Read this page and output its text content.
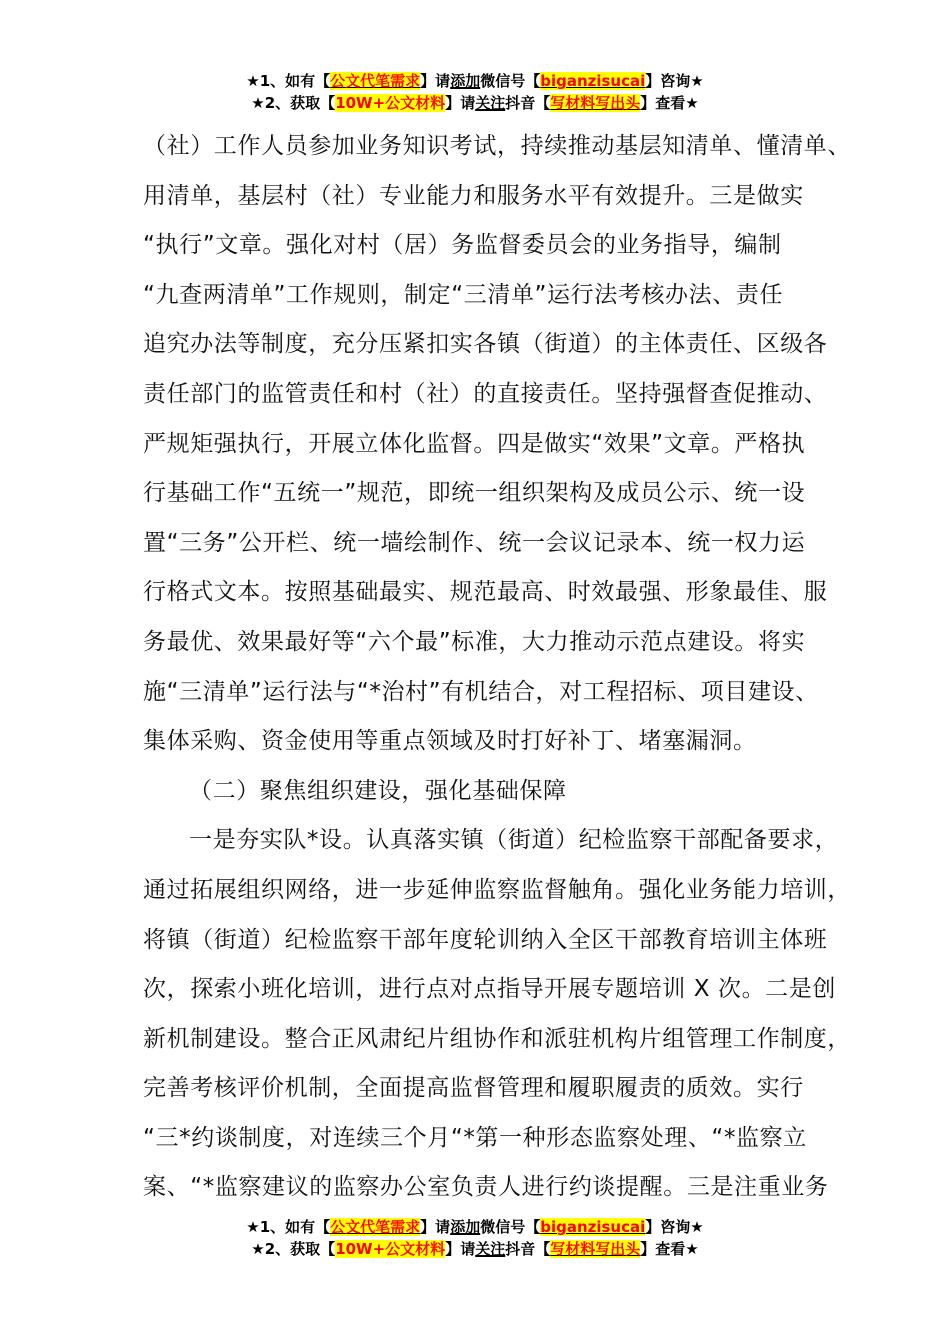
★1、如有【公文代笔需求】请添加微信号【biganzisucai】咨询★
★2、获取【10W+公文材料】请关注抖音【写材料写出头】查看★
（社）工作人员参加业务知识考试，持续推动基层知清单、懂清单、
用清单，基层村（社）专业能力和服务水平有效提升。三是做实
“执行”文章。强化对村（居）务监督委员会的业务指导，编制
“九查两清单”工作规则，制定“三清单”运行法考核办法、责任
追究办法等制度，充分压紧扣实各镇（街道）的主体责任、区级各
责任部门的监管责任和村（社）的直接责任。坚持强督查促推动、
严规矩强执行，开展立体化监督。四是做实“效果”文章。严格执
行基础工作“五统一”规范，即统一组织架构及成员公示、统一设
置“三务”公开栏、统一墙绘制作、统一会议记录本、统一权力运
行格式文本。按照基础最实、规范最高、时效最强、形象最佳、服
务最优、效果最好等“六个最”标准，大力推动示范点建设。将实
施“三清单”运行法与“*治村”有机结合，对工程招标、项目建设、
集体采购、资金使用等重点领域及时打好补丁、堵塞漏洞。
（二）聚焦组织建设，强化基础保障
一是夯实队*设。认真落实镇（街道）纪检监察干部配备要求，
通过拓展组织网络，进一步延伸监察监督触角。强化业务能力培训，
将镇（街道）纪检监察干部年度轮训纳入全区干部教育培训主体班
次，探索小班化培训，进行点对点指导开展专题培训 X 次。二是创
新机制建设。整合正风肃纪片组协作和派驻机构片组管理工作制度，
完善考核评价机制，全面提高监督管理和履职履责的质效。实行
“三*约谈制度，对连续三个月“*第一种形态监察处理、“*监察立
案、“*监察建议的监察办公室负责人进行约谈提醒。三是注重业务
★1、如有【公文代笔需求】请添加微信号【biganzisucai】咨询★
★2、获取【10W+公文材料】请关注抖音【写材料写出头】查看★
